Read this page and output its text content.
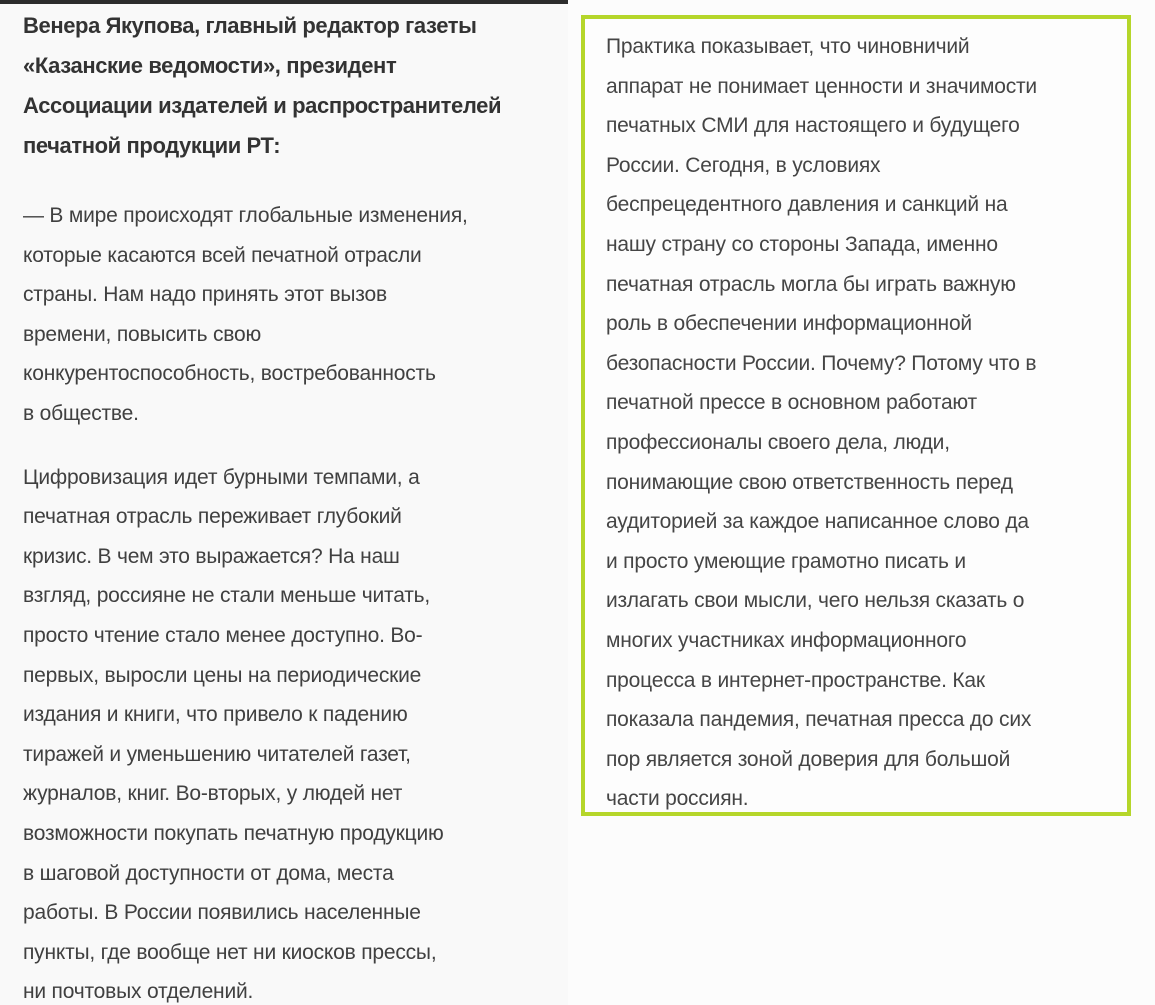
Венера Якупова, главный редактор газеты
«Казанские ведомости», президент
Ассоциации издателей и распространителей
печатной продукции РТ:

— В мире происходят глобальные изменения,
которые касаются всей печатной отрасли
страны. Нам надо принять этот вызов
времени, повысить свою
конкурентоспособность, востребованность
в обществе.

Цифровизация идет бурными темпами, а
печатная отрасль переживает глубокий
кризис. В чем это выражается? На наш
взгляд, россияне не стали меньше читать,
просто чтение стало менее доступно. Во-
первых, выросли цены на периодические
издания и книги, что привело к падению
тиражей и уменьшению читателей газет,
журналов, книг. Во-вторых, у людей нет
возможности покупать печатную продукцию
в шаговой доступности от дома, места
работы. В России появились населенные
пункты, где вообще нет ни киосков прессы,
ни почтовых отделений.

Практика показывает, что чиновничий
аппарат не понимает ценности и значимости
печатных СМИ для настоящего и будущего
России. Сегодня, в условиях
беспрецедентного давления и санкций на
нашу страну со стороны Запада, именно
печатная отрасль могла бы играть важную
роль в обеспечении информационной
безопасности России. Почему? Потому что в
печатной прессе в основном работают
профессионалы своего дела, люди,
понимающие свою ответственность перед
аудиторией за каждое написанное слово да
и просто умеющие грамотно писать и
излагать свои мысли, чего нельзя сказать о
многих участниках информационного
процесса в интернет-пространстве. Как
показала пандемия, печатная пресса до сих
пор является зоной доверия для большой
части россиян.
